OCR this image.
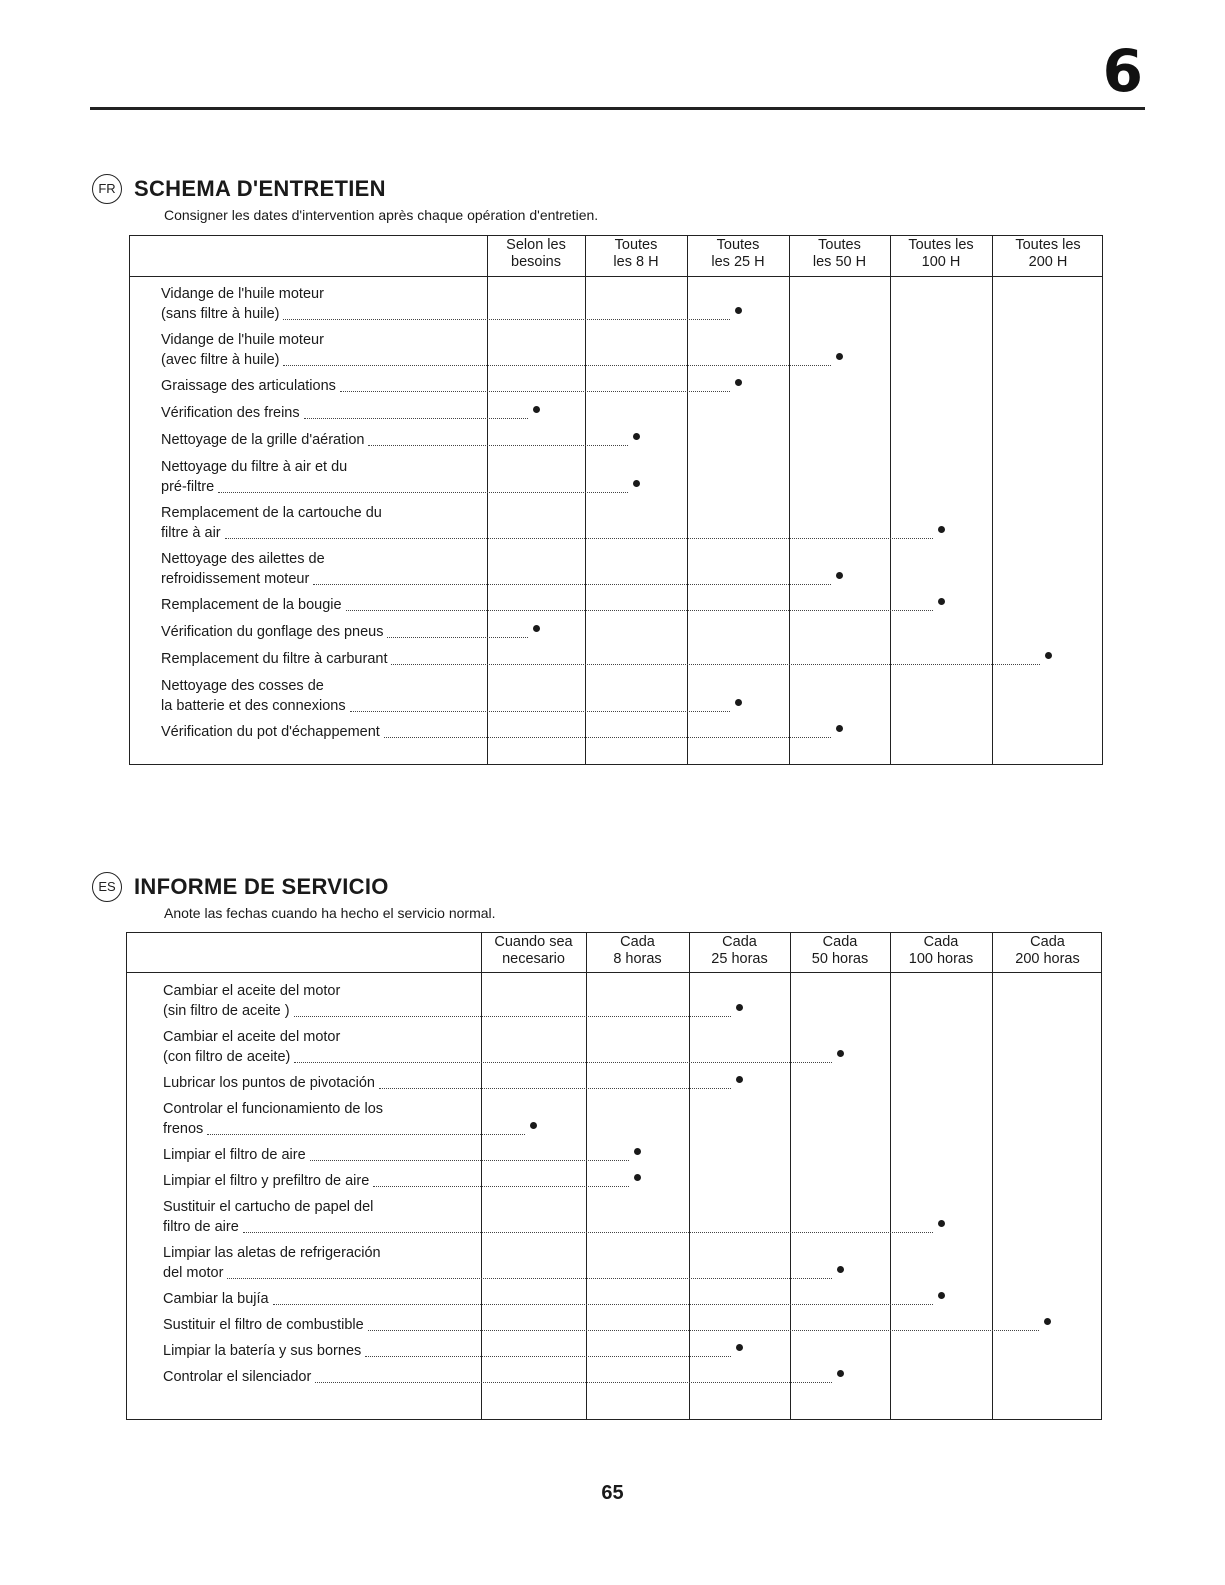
6
FR SCHEMA D'ENTRETIEN
Consigner les dates d'intervention après chaque opération d'entretien.
Selon les
besoins
Toutes
les 8 H
Toutes
les 25 H
Toutes
les 50 H
Toutes les
100 H
Toutes les
200 H
Vidange de l'huile moteur
(sans filtre à huile)
Vidange de l'huile moteur
(avec filtre à huile)
Graissage des articulations
Vérification des freins
Nettoyage de la grille d'aération
Nettoyage du filtre à air et du
pré-filtre
Remplacement de la cartouche du
filtre à air
Nettoyage des ailettes de
refroidissement moteur
Remplacement de la bougie
Vérification du gonflage des pneus
Remplacement du filtre à carburant
Nettoyage des cosses de
la batterie et des connexions
Vérification du pot d'échappement
ES INFORME DE SERVICIO
Anote las fechas cuando ha hecho el servicio normal.
Cuando sea
necesario
Cada
8 horas
Cada
25 horas
Cada
50 horas
Cada
100 horas
Cada
200 horas
Cambiar el aceite del motor
(sin filtro de aceite )
Cambiar el aceite del motor
(con filtro de aceite)
Lubricar los puntos de pivotación
Controlar el funcionamiento de los
frenos
Limpiar el filtro de aire
Limpiar el filtro y prefiltro de aire
Sustituir el cartucho de papel del
filtro de aire
Limpiar las aletas de refrigeración
del motor
Cambiar la bujía
Sustituir el filtro de combustible
Limpiar la batería y sus bornes
Controlar el silenciador
65
